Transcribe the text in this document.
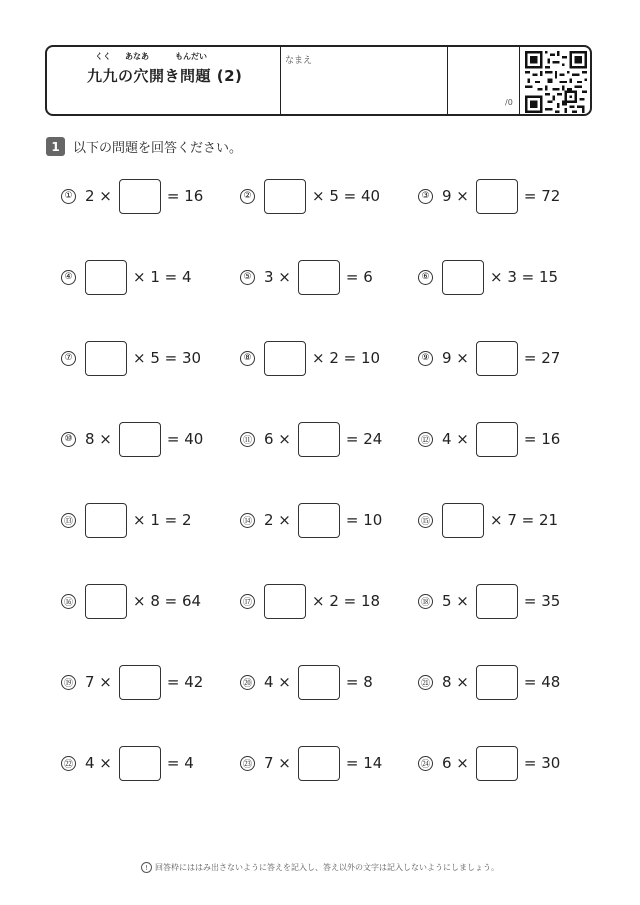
くく あなあ	もんだい
九九の穴開き問題 (2)
なまえ
/0
1	以下の問題を回答ください。
① 2 ×	= 16	②	× 5 = 40	③ 9 ×	= 72
④	× 1 = 4	⑤ 3 ×	= 6	⑥	× 3 = 15
⑦	× 5 = 30	⑧	× 2 = 10	⑨ 9 ×	= 27
⑩ 8 ×	= 40	⑪ 6 ×	= 24	⑫ 4 ×	= 16
⑬	× 1 = 2	⑭ 2 ×	= 10	⑮	× 7 = 21
⑯	× 8 = 64	⑰	× 2 = 18	⑱ 5 ×	= 35
⑲ 7 ×	= 42	⑳ 4 ×	= 8	㉑ 8 ×	= 48
㉒ 4 ×	= 4	㉓ 7 ×	= 14	㉔ 6 ×	= 30
! 回答枠にははみ出さないように答えを記入し、答え以外の文字は記入しないようにしましょう。
